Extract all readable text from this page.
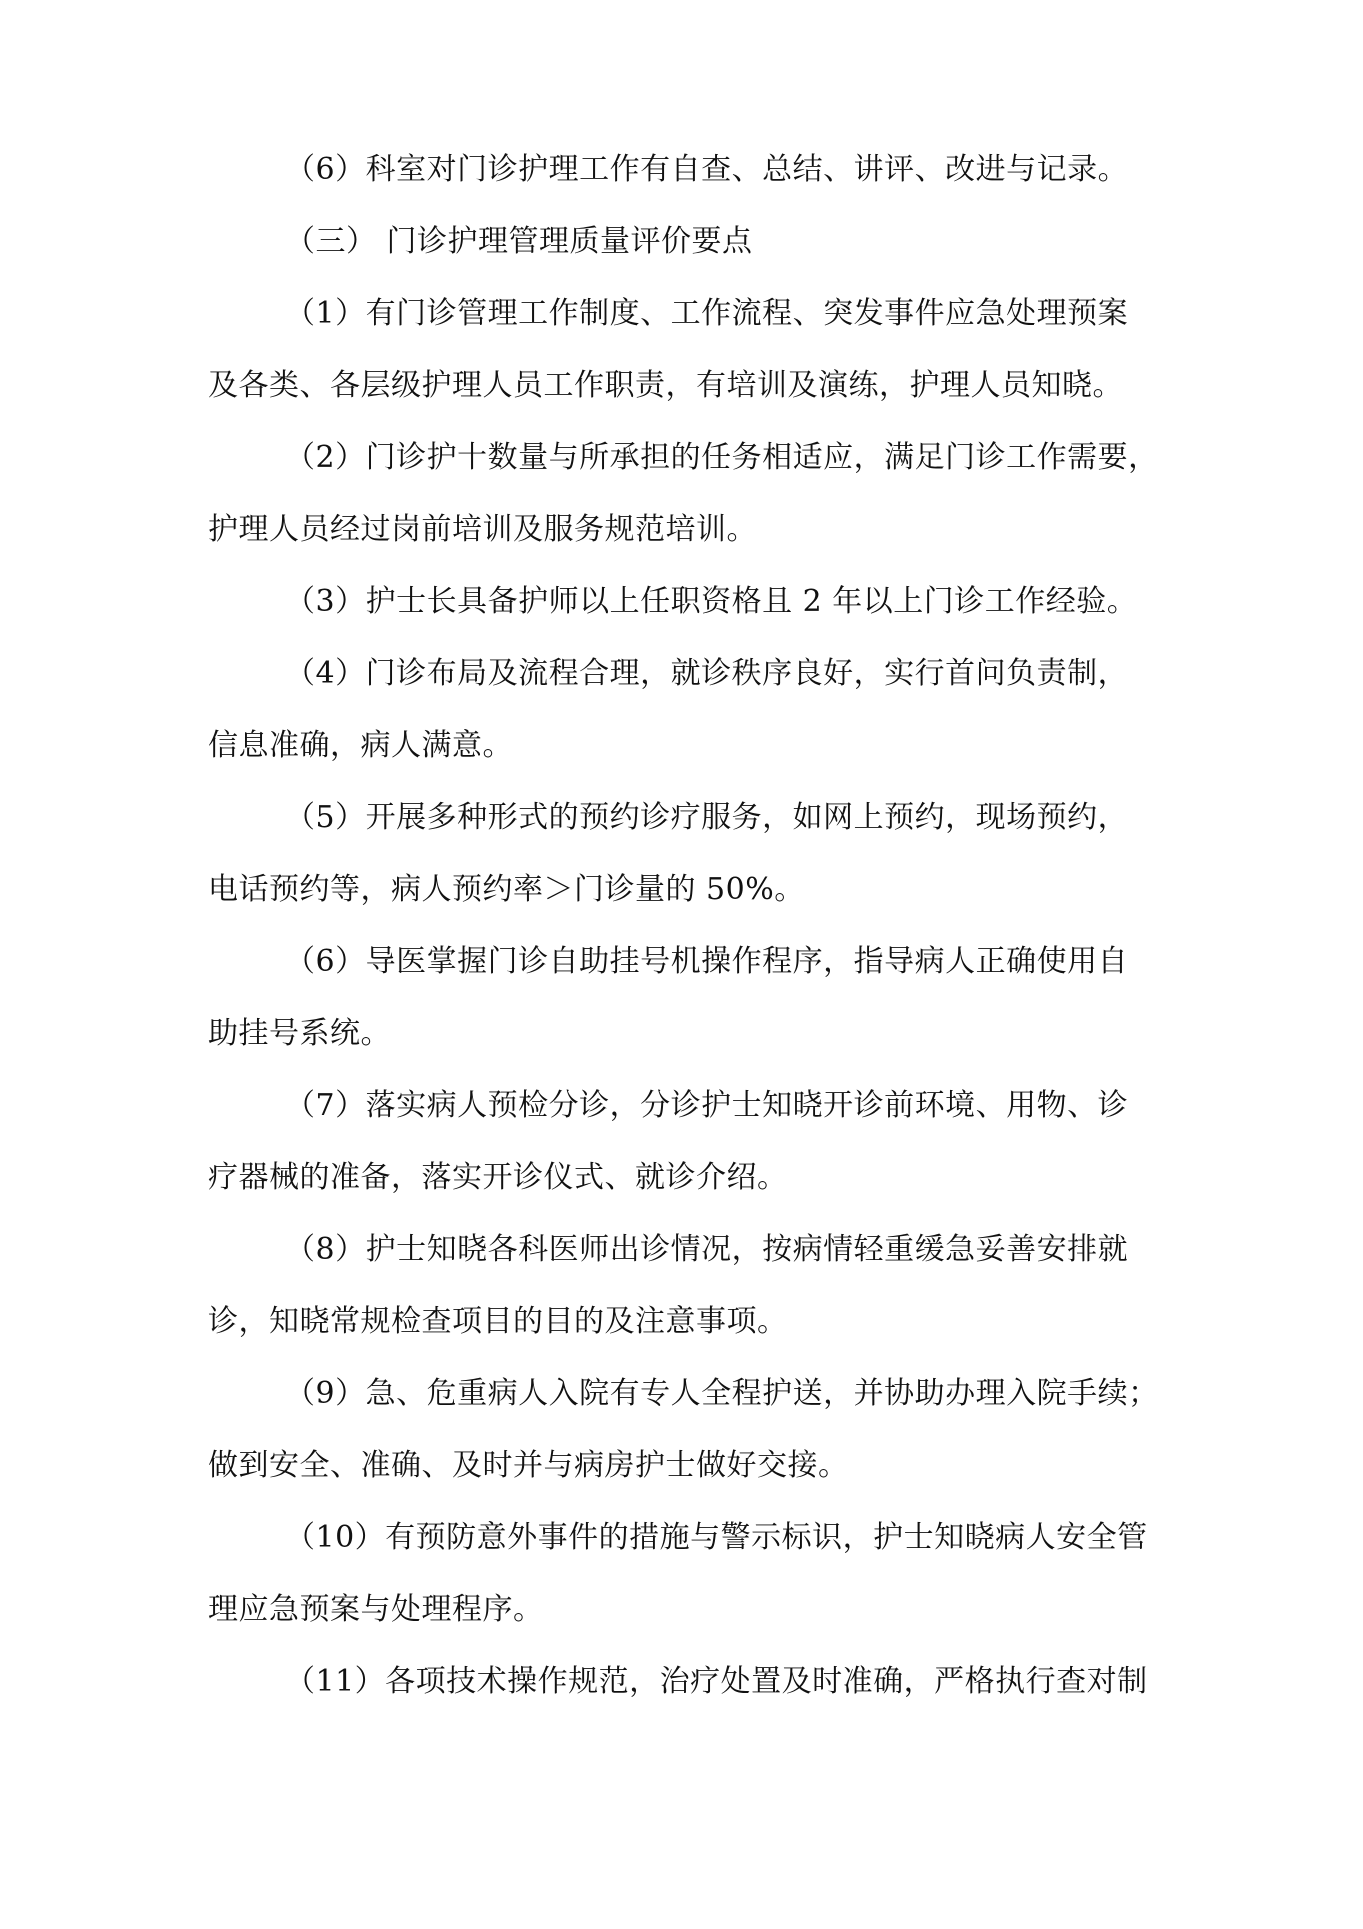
（6）科室对门诊护理工作有自查、总结、讲评、改进与记录。
（三） 门诊护理管理质量评价要点
（1）有门诊管理工作制度、工作流程、突发事件应急处理预案
及各类、各层级护理人员工作职责，有培训及演练，护理人员知晓。
（2）门诊护十数量与所承担的任务相适应，满足门诊工作需要，
护理人员经过岗前培训及服务规范培训。
（3）护士长具备护师以上任职资格且 2 年以上门诊工作经验。
（4）门诊布局及流程合理，就诊秩序良好，实行首问负责制，
信息准确，病人满意。
（5）开展多种形式的预约诊疗服务，如网上预约，现场预约，
电话预约等，病人预约率＞门诊量的 50%。
（6）导医掌握门诊自助挂号机操作程序，指导病人正确使用自
助挂号系统。
（7）落实病人预检分诊，分诊护士知晓开诊前环境、用物、诊
疗器械的准备，落实开诊仪式、就诊介绍。
（8）护士知晓各科医师出诊情况，按病情轻重缓急妥善安排就
诊，知晓常规检查项目的目的及注意事项。
（9）急、危重病人入院有专人全程护送，并协助办理入院手续；
做到安全、准确、及时并与病房护士做好交接。
（10）有预防意外事件的措施与警示标识，护士知晓病人安全管
理应急预案与处理程序。
（11）各项技术操作规范，治疗处置及时准确，严格执行查对制
